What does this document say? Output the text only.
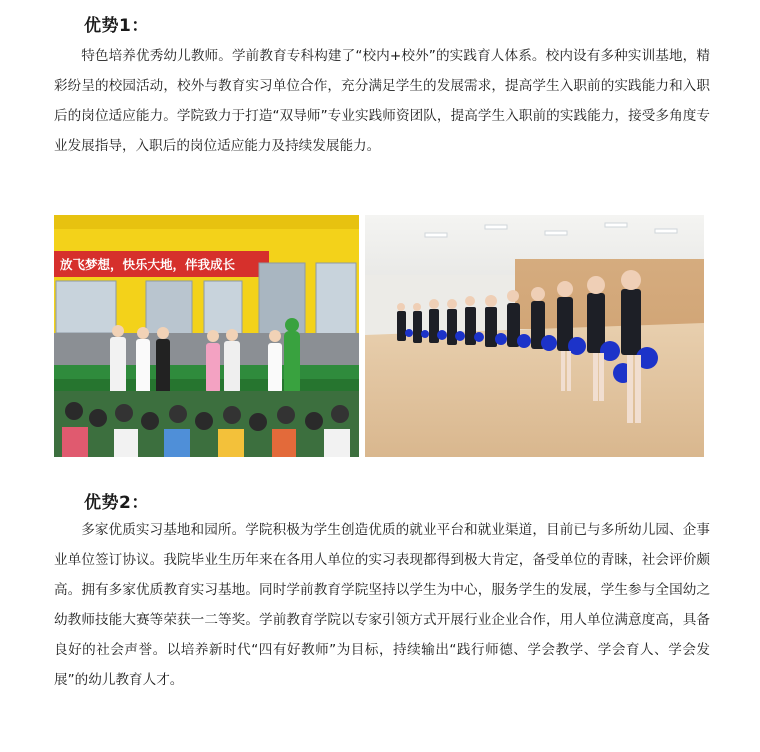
优势1：

特色培养优秀幼儿教师。学前教育专科构建了“校内+校外”的实践育人体系。校内设有多种实训基地，精彩纷呈的校园活动，校外与教育实习单位合作，充分满足学生的发展需求，提高学生入职前的实践能力和入职后的岗位适应能力。学院致力于打造“双导师”专业实践师资团队，提高学生入职前的实践能力，接受多角度专业发展指导，入职后的岗位适应能力及持续发展能力。

放飞梦想，快乐大地，伴我成长
优势2：

多家优质实习基地和园所。学院积极为学生创造优质的就业平台和就业渠道，目前已与多所幼儿园、企事业单位签订协议。我院毕业生历年来在各用人单位的实习表现都得到极大肯定，备受单位的青睐，社会评价颇高。拥有多家优质教育实习基地。同时学前教育学院坚持以学生为中心，服务学生的发展，学生参与全国幼之幼教师技能大赛等荣获一二等奖。学前教育学院以专家引领方式开展行业企业合作，用人单位满意度高，具备良好的社会声誉。以培养新时代“四有好教师”为目标，持续输出“践行师德、学会教学、学会育人、学会发展”的幼儿教育人才。
